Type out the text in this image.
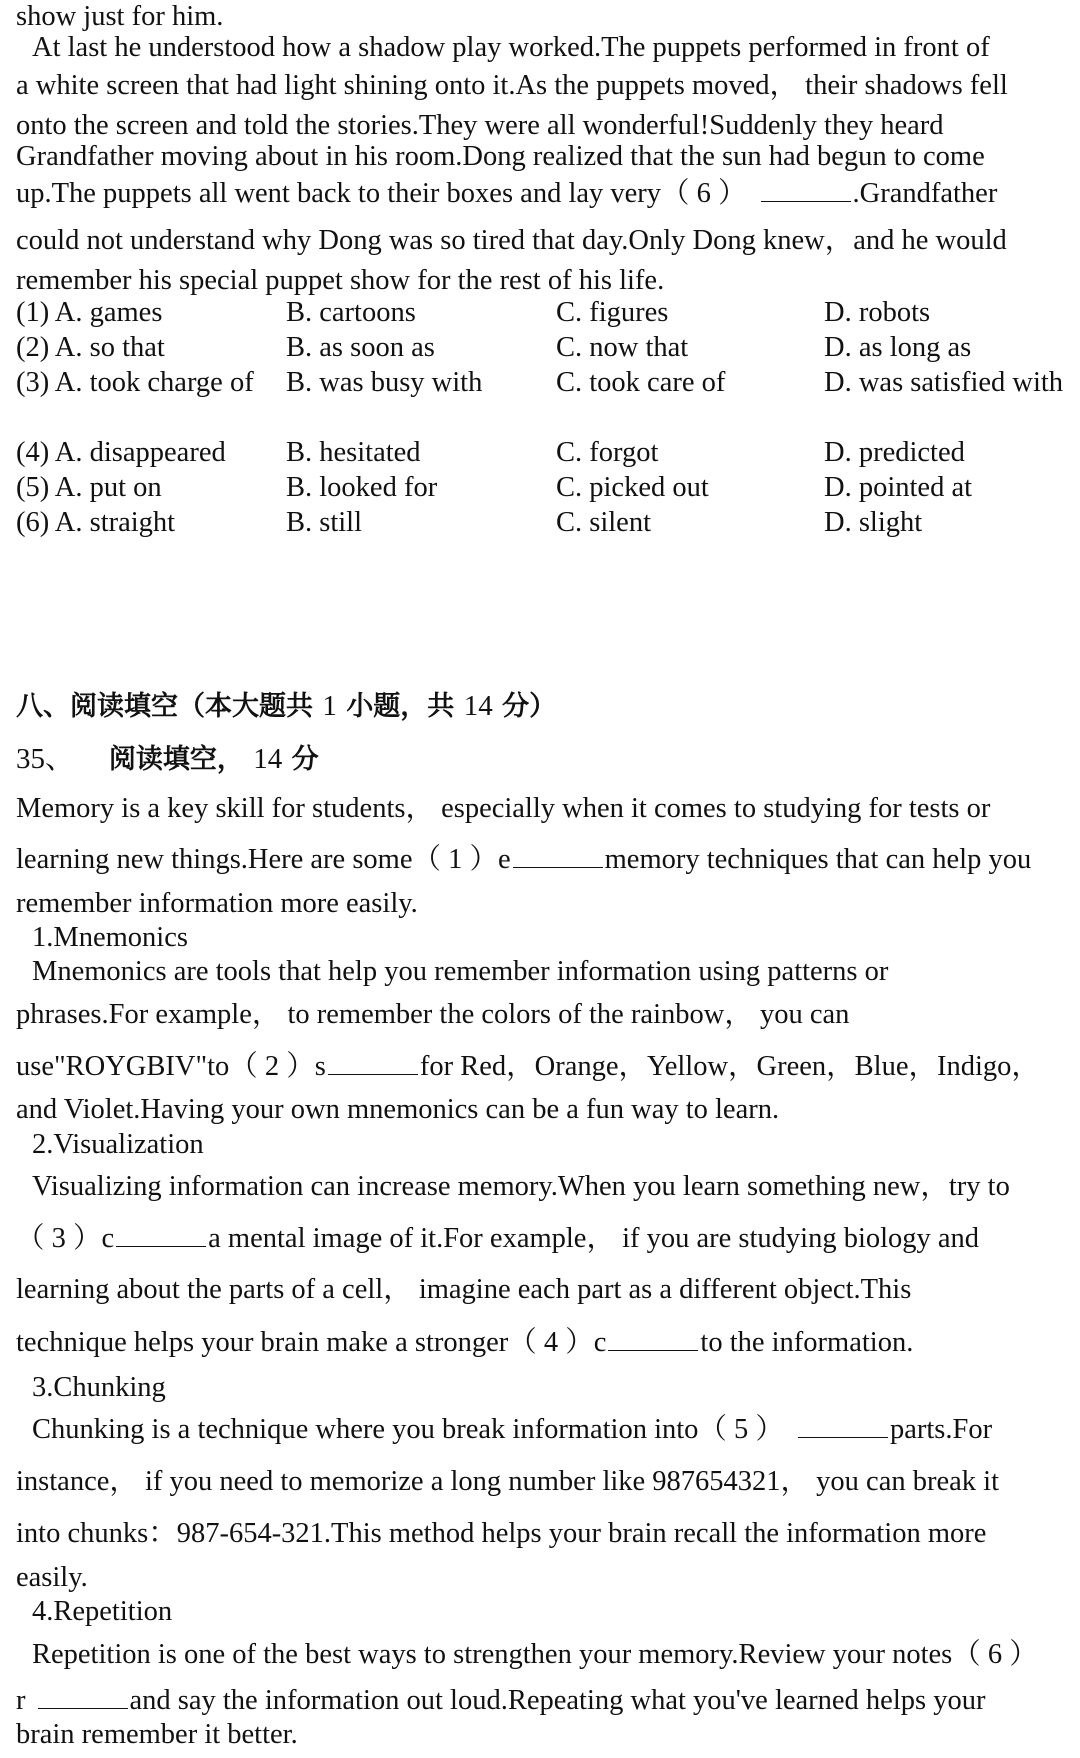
show just for him.
At last he understood how a shadow play worked.The puppets performed in front of
a white screen that had light shining onto it.As the puppets moved， their shadows fell
onto the screen and told the stories.They were all wonderful!Suddenly they heard
Grandfather moving about in his room.Dong realized that the sun had begun to come
up.The puppets all went back to their boxes and lay very（ 6 ）	.Grandfather
could not understand why Dong was so tired that day.Only Dong knew，and he would
remember his special puppet show for the rest of his life.
(1) A. games	B. cartoons	C. figures	D. robots
(2) A. so that	B. as soon as	C. now that	D. as long as
(3) A. took charge of B. was busy with	C. took care of	D. was satisfied with
(4) A. disappeared B. hesitated	C. forgot	D. predicted
(5) A. put on	B. looked for	C. picked out	D. pointed at
(6) A. straight	B. still	C. silent	D. slight
八、阅读填空（本大题共 1 小题，共 14 分）
35、 阅读填空， 14 分
Memory is a key skill for students， especially when it comes to studying for tests or
learning new things.Here are some（ 1 ）e	memory techniques that can help you
remember information more easily.
1.Mnemonics
Mnemonics are tools that help you remember information using patterns or
phrases.For example， to remember the colors of the rainbow， you can
use"ROYGBIV"to（ 2 ）s	for Red，Orange，Yellow，Green，Blue，Indigo，
and Violet.Having your own mnemonics can be a fun way to learn.
2.Visualization
Visualizing information can increase memory.When you learn something new，try to
（ 3 ）c	a mental image of it.For example， if you are studying biology and
learning about the parts of a cell， imagine each part as a different object.This
technique helps your brain make a stronger（ 4 ）c	to the information.
3.Chunking
Chunking is a technique where you break information into（ 5 ）	parts.For
instance， if you need to memorize a long number like 987654321， you can break it
into chunks：987-654-321.This method helps your brain recall the information more
easily.
4.Repetition
Repetition is one of the best ways to strengthen your memory.Review your notes（ 6 ）
r	and say the information out loud.Repeating what you've learned helps your
brain remember it better.
